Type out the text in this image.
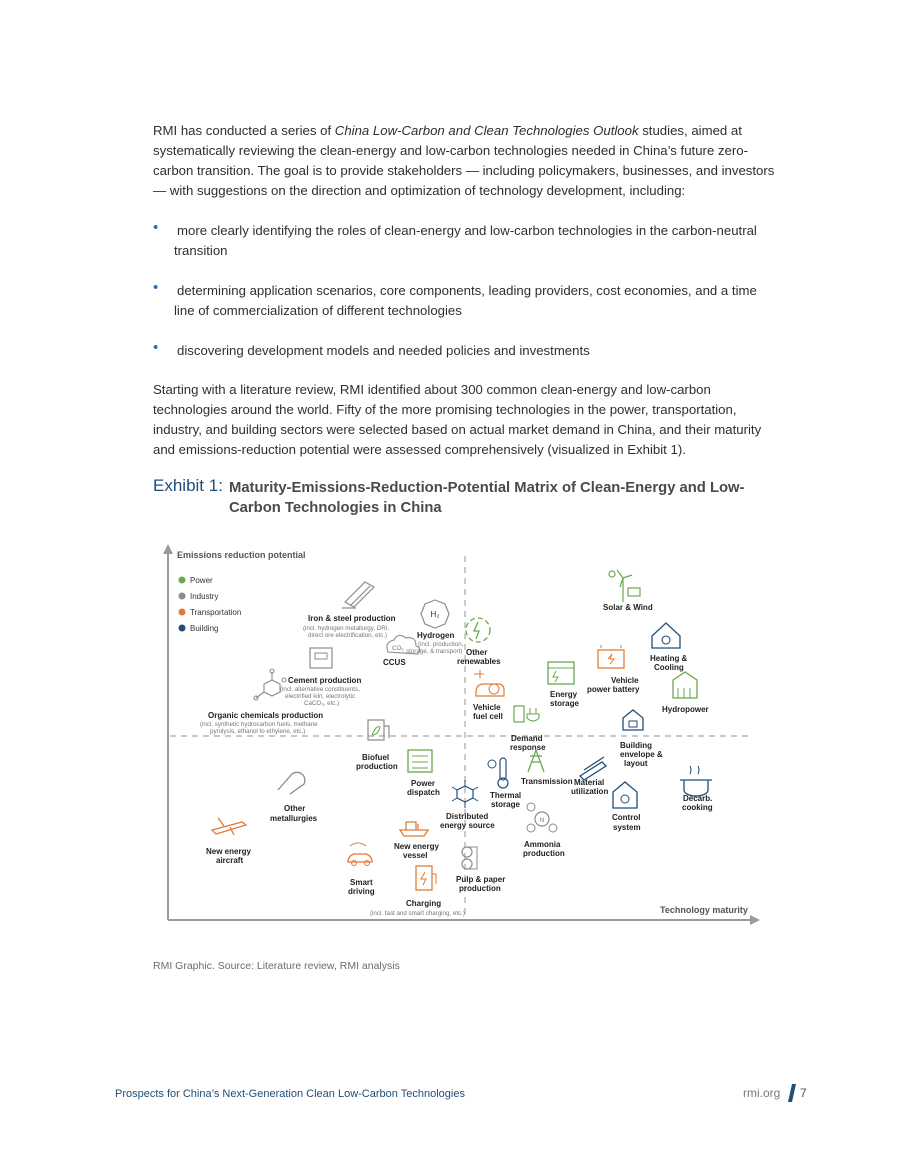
RMI has conducted a series of China Low-Carbon and Clean Technologies Outlook studies, aimed at systematically reviewing the clean-energy and low-carbon technologies needed in China’s future zero-carbon transition. The goal is to provide stakeholders — including policymakers, businesses, and investors — with suggestions on the direction and optimization of technology development, including:

•	more clearly identifying the roles of clean-energy and low-carbon technologies in the carbon-neutral transition
•	determining application scenarios, core components, leading providers, cost economies, and a time line of commercialization of different technologies
•	discovering development models and needed policies and investments

Starting with a literature review, RMI identified about 300 common clean-energy and low-carbon technologies around the world. Fifty of the more promising technologies in the power, transportation, industry, and building sectors were selected based on actual market demand in China, and their maturity and emissions-reduction potential were assessed comprehensively (visualized in Exhibit 1).

Exhibit 1: Maturity-Emissions-Reduction-Potential Matrix of Clean-Energy and Low-Carbon Technologies in China
Emissions reduction potential
Technology maturity
Power
Industry
Transportation
Building
Iron & steel production
(incl. hydrogen metallurgy, DRI,
direct ore electrification, etc.)
H₂
Hydrogen
(incl. production,
storage, & transport)
CO₂
CCUS
Other
renewables
Solar & Wind
Heating &
Cooling
Cement production
(incl. alternative constituents,
electrified kiln, electrolytic
CaCO₃, etc.)
Organic chemicals production
(incl. synthetic hydrocarbon fuels, methane
pyrolysis, ethanol to ethylene, etc.)
Vehicle
fuel cell
Energy
storage
Vehicle
power battery
Hydropower
Biofuel
production
Demand
response	Building
envelope &
layout
Transmission Material
utilization
Power
dispatch
Other
metallurgies
Thermal
storage
Decarb.
cooking
Distributed
energy source
Control
system
New energy
aircraft
New energy
vessel
N
Ammonia
production
Smart
driving
Pulp & paper
production
Charging
(incl. fast and smart charging, etc.)
RMI Graphic. Source: Literature review, RMI analysis
Prospects for China’s Next-Generation Clean Low-Carbon Technologies	rmi.org 7
